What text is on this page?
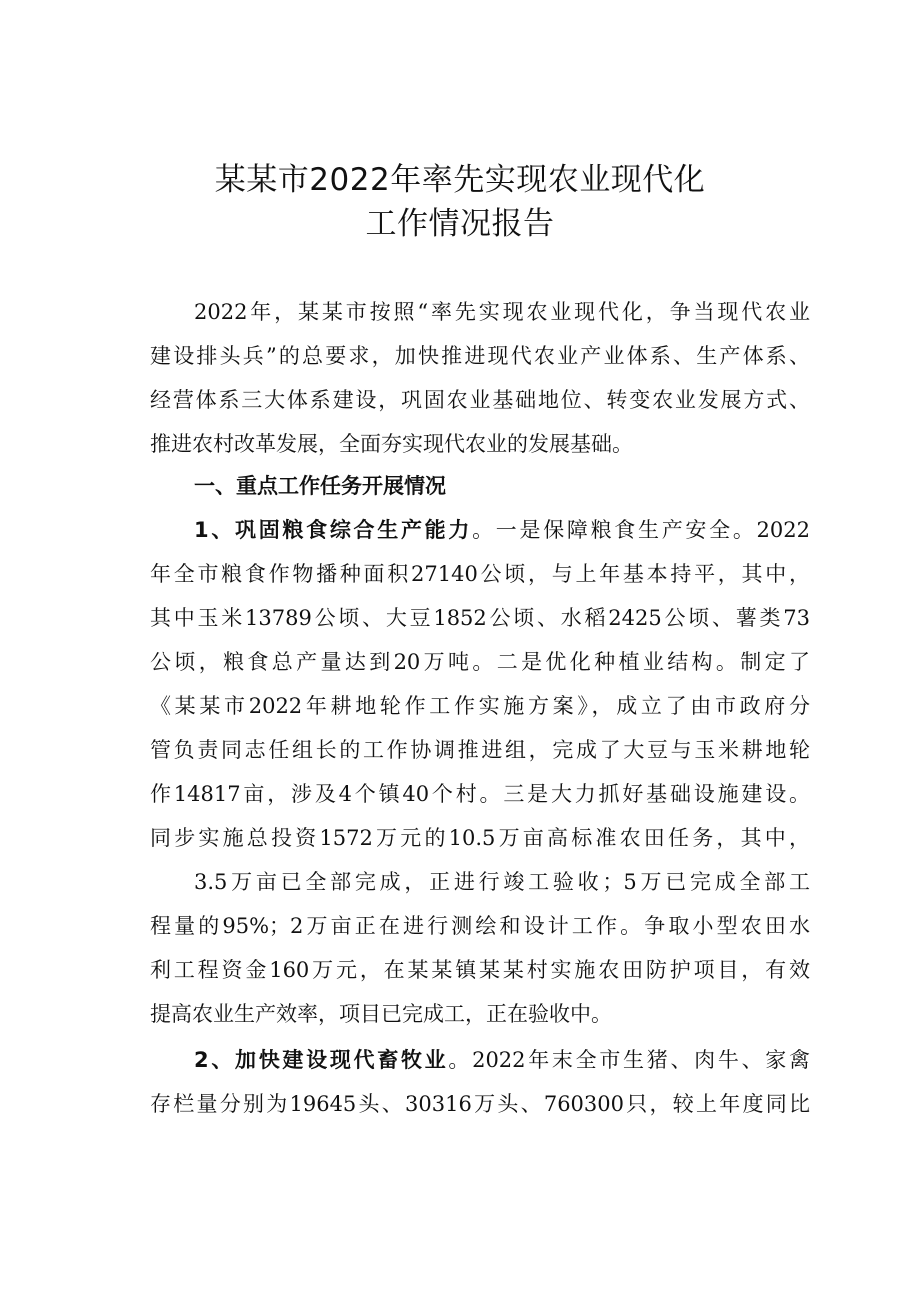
某某市2022年率先实现农业现代化
工作情况报告
2022年，某某市按照“率先实现农业现代化，争当现代农业
建设排头兵”的总要求，加快推进现代农业产业体系、生产体系、
经营体系三大体系建设，巩固农业基础地位、转变农业发展方式、
推进农村改革发展，全面夯实现代农业的发展基础。
一、重点工作任务开展情况
1、巩固粮食综合生产能力。一是保障粮食生产安全。2022
年全市粮食作物播种面积27140公顷，与上年基本持平，其中，
其中玉米13789公顷、大豆1852公顷、水稻2425公顷、薯类73
公顷，粮食总产量达到20万吨。二是优化种植业结构。制定了
《某某市2022年耕地轮作工作实施方案》，成立了由市政府分
管负责同志任组长的工作协调推进组，完成了大豆与玉米耕地轮
作14817亩，涉及4个镇40个村。三是大力抓好基础设施建设。
同步实施总投资1572万元的10.5万亩高标准农田任务，其中，
3.5万亩已全部完成，正进行竣工验收；5万已完成全部工
程量的95%；2万亩正在进行测绘和设计工作。争取小型农田水
利工程资金160万元，在某某镇某某村实施农田防护项目，有效
提高农业生产效率，项目已完成工，正在验收中。
2、加快建设现代畜牧业。2022年末全市生猪、肉牛、家禽
存栏量分别为19645头、30316万头、760300只，较上年度同比
